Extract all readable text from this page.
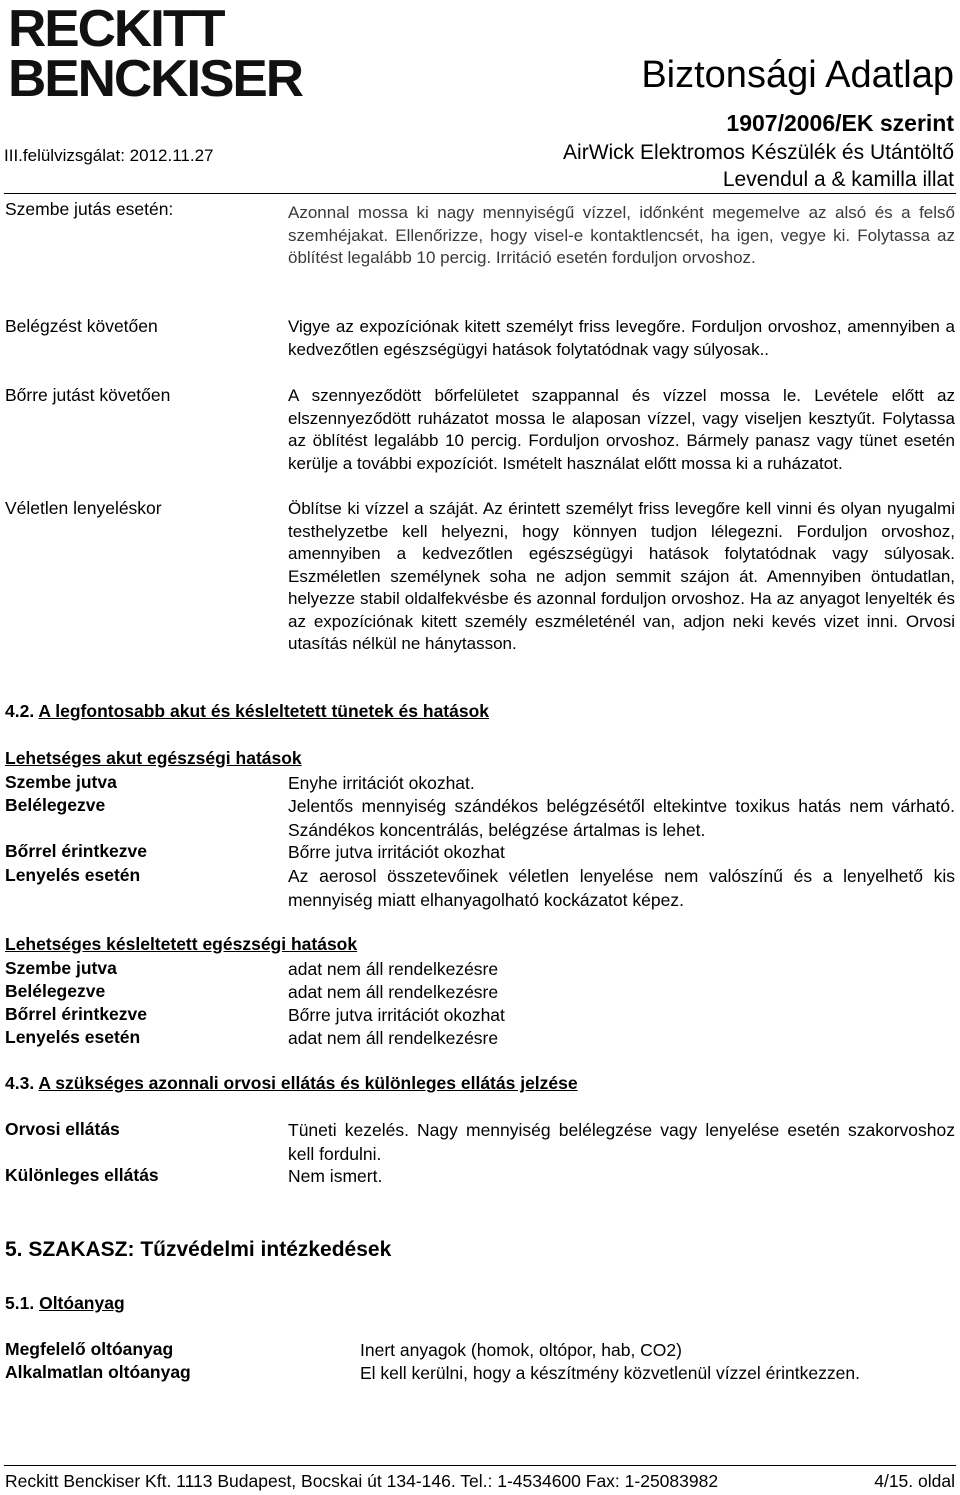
RECKITT
BENCKISER	Biztonsági Adatlap
1907/2006/EK szerint
III.felülvizsgálat: 2012.11.27	AirWick Elektromos Készülék és Utántöltő
Levendul a & kamilla illat
Szembe jutás esetén:	Azonnal mossa ki nagy mennyiségű vízzel, időnként megemelve az alsó és a felső szemhéjakat. Ellenőrizze, hogy visel-e kontaktlencsét, ha igen, vegye ki. Folytassa az öblítést legalább 10 percig. Irritáció esetén forduljon orvoshoz.
Belégzést követően	Vigye az expozíciónak kitett személyt friss levegőre. Forduljon orvoshoz, amennyiben a kedvezőtlen egészségügyi hatások folytatódnak vagy súlyosak..
Bőrre jutást követően	A szennyeződött bőrfelületet szappannal és vízzel mossa le. Levétele előtt az elszennyeződött ruházatot mossa le alaposan vízzel, vagy viseljen kesztyűt. Folytassa az öblítést legalább 10 percig. Forduljon orvoshoz. Bármely panasz vagy tünet esetén kerülje a további expozíciót. Ismételt használat előtt mossa ki a ruházatot.
Véletlen lenyeléskor	Öblítse ki vízzel a száját. Az érintett személyt friss levegőre kell vinni és olyan nyugalmi testhelyzetbe kell helyezni, hogy könnyen tudjon lélegezni. Forduljon orvoshoz, amennyiben a kedvezőtlen egészségügyi hatások folytatódnak vagy súlyosak. Eszméletlen személynek soha ne adjon semmit szájon át. Amennyiben öntudatlan, helyezze stabil oldalfekvésbe és azonnal forduljon orvoshoz. Ha az anyagot lenyelték és az expozíciónak kitett személy eszméleténél van, adjon neki kevés vizet inni. Orvosi utasítás nélkül ne hánytasson.
4.2. A legfontosabb akut és késleltetett tünetek és hatások
Lehetséges akut egészségi hatások
Szembe jutva	Enyhe irritációt okozhat.
Belélegezve	Jelentős mennyiség szándékos belégzésétől eltekintve toxikus hatás nem várható. Szándékos koncentrálás, belégzése ártalmas is lehet.
Bőrrel érintkezve	Bőrre jutva irritációt okozhat
Lenyelés esetén	Az aerosol összetevőinek véletlen lenyelése nem valószínű és a lenyelhető kis mennyiség miatt elhanyagolható kockázatot képez.
Lehetséges késleltetett egészségi hatások
Szembe jutva	adat nem áll rendelkezésre
Belélegezve	adat nem áll rendelkezésre
Bőrrel érintkezve	Bőrre jutva irritációt okozhat
Lenyelés esetén	adat nem áll rendelkezésre
4.3. A szükséges azonnali orvosi ellátás és különleges ellátás jelzése
Orvosi ellátás	Tüneti kezelés. Nagy mennyiség belélegzése vagy lenyelése esetén szakorvoshoz kell fordulni.
Különleges ellátás	Nem ismert.
5. SZAKASZ: Tűzvédelmi intézkedések
5.1. Oltóanyag
Megfelelő oltóanyag	Inert anyagok (homok, oltópor, hab, CO2)
Alkalmatlan oltóanyag	El kell kerülni, hogy a készítmény közvetlenül vízzel érintkezzen.
Reckitt Benckiser Kft. 1113 Budapest, Bocskai út 134-146. Tel.: 1-4534600 Fax: 1-25083982	4/15. oldal
